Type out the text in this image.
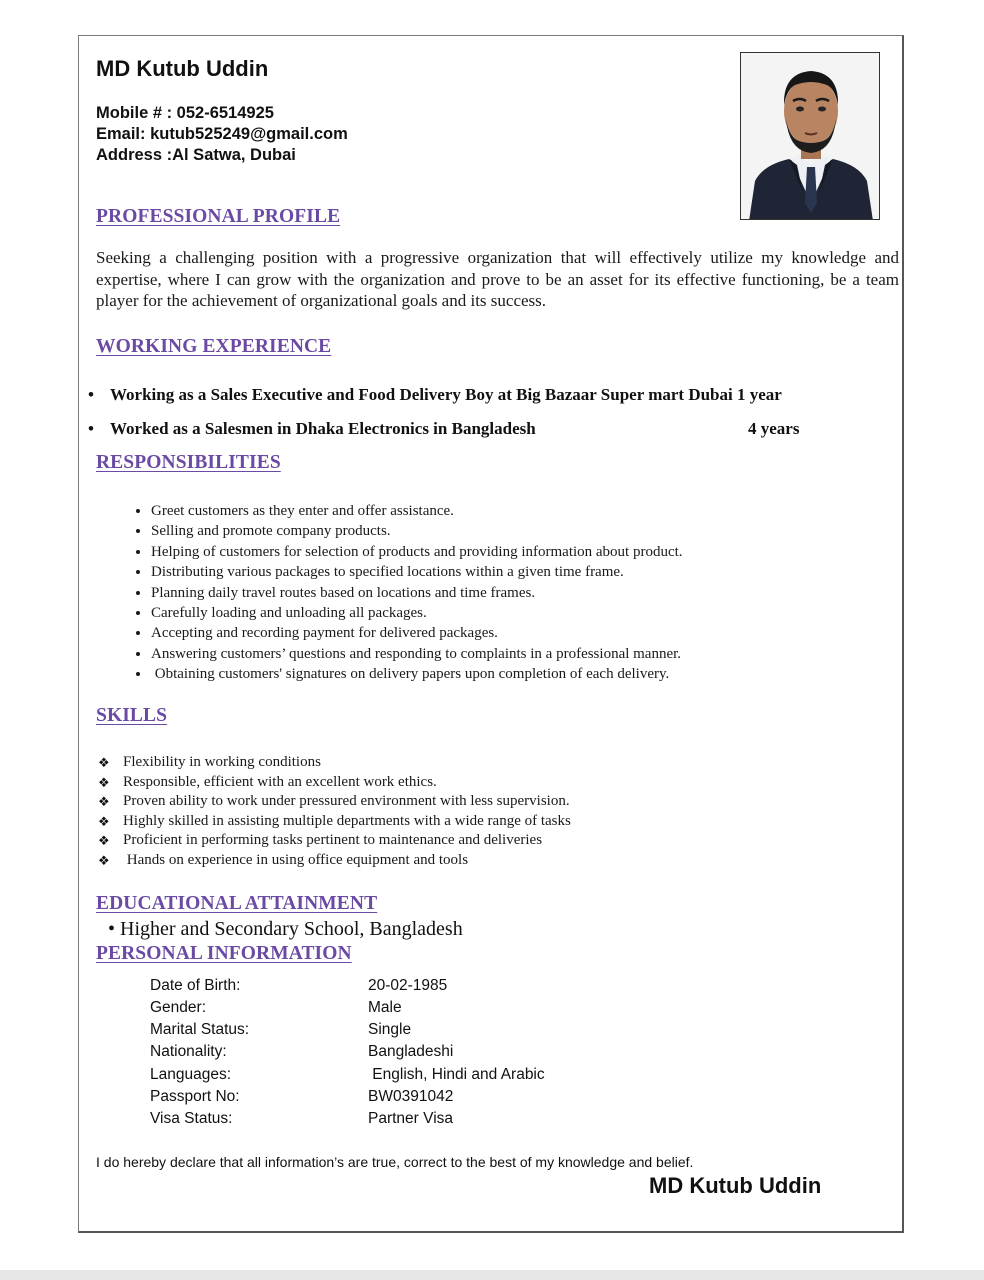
MD Kutub Uddin
Mobile # : 052-6514925
Email: kutub525249@gmail.com
Address :Al Satwa, Dubai
PROFESSIONAL PROFILE
Seeking a challenging position with a progressive organization that will effectively utilize my knowledge and expertise, where I can grow with the organization and prove to be an asset for its effective functioning, be a team player for the achievement of organizational goals and its success.
WORKING EXPERIENCE
• Working as a Sales Executive and Food Delivery Boy at Big Bazaar Super mart Dubai 1 year
• Worked as a Salesmen in Dhaka Electronics in Bangladesh	4 years
RESPONSIBILITIES
• Greet customers as they enter and offer assistance.
• Selling and promote company products.
• Helping of customers for selection of products and providing information about product.
• Distributing various packages to specified locations within a given time frame.
• Planning daily travel routes based on locations and time frames.
• Carefully loading and unloading all packages.
• Accepting and recording payment for delivered packages.
• Answering customers’ questions and responding to complaints in a professional manner.
•  Obtaining customers' signatures on delivery papers upon completion of each delivery.
SKILLS
❖ Flexibility in working conditions
❖ Responsible, efficient with an excellent work ethics.
❖ Proven ability to work under pressured environment with less supervision.
❖ Highly skilled in assisting multiple departments with a wide range of tasks
❖ Proficient in performing tasks pertinent to maintenance and deliveries
❖ Hands on experience in using office equipment and tools
EDUCATIONAL ATTAINMENT
• Higher and Secondary School, Bangladesh
PERSONAL INFORMATION
Date of Birth:	20-02-1985
Gender:	Male
Marital Status:	Single
Nationality:	Bangladeshi
Languages:	English, Hindi and Arabic
Passport No:	BW0391042
Visa Status:	Partner Visa
I do hereby declare that all information’s are true, correct to the best of my knowledge and belief.
MD Kutub Uddin
